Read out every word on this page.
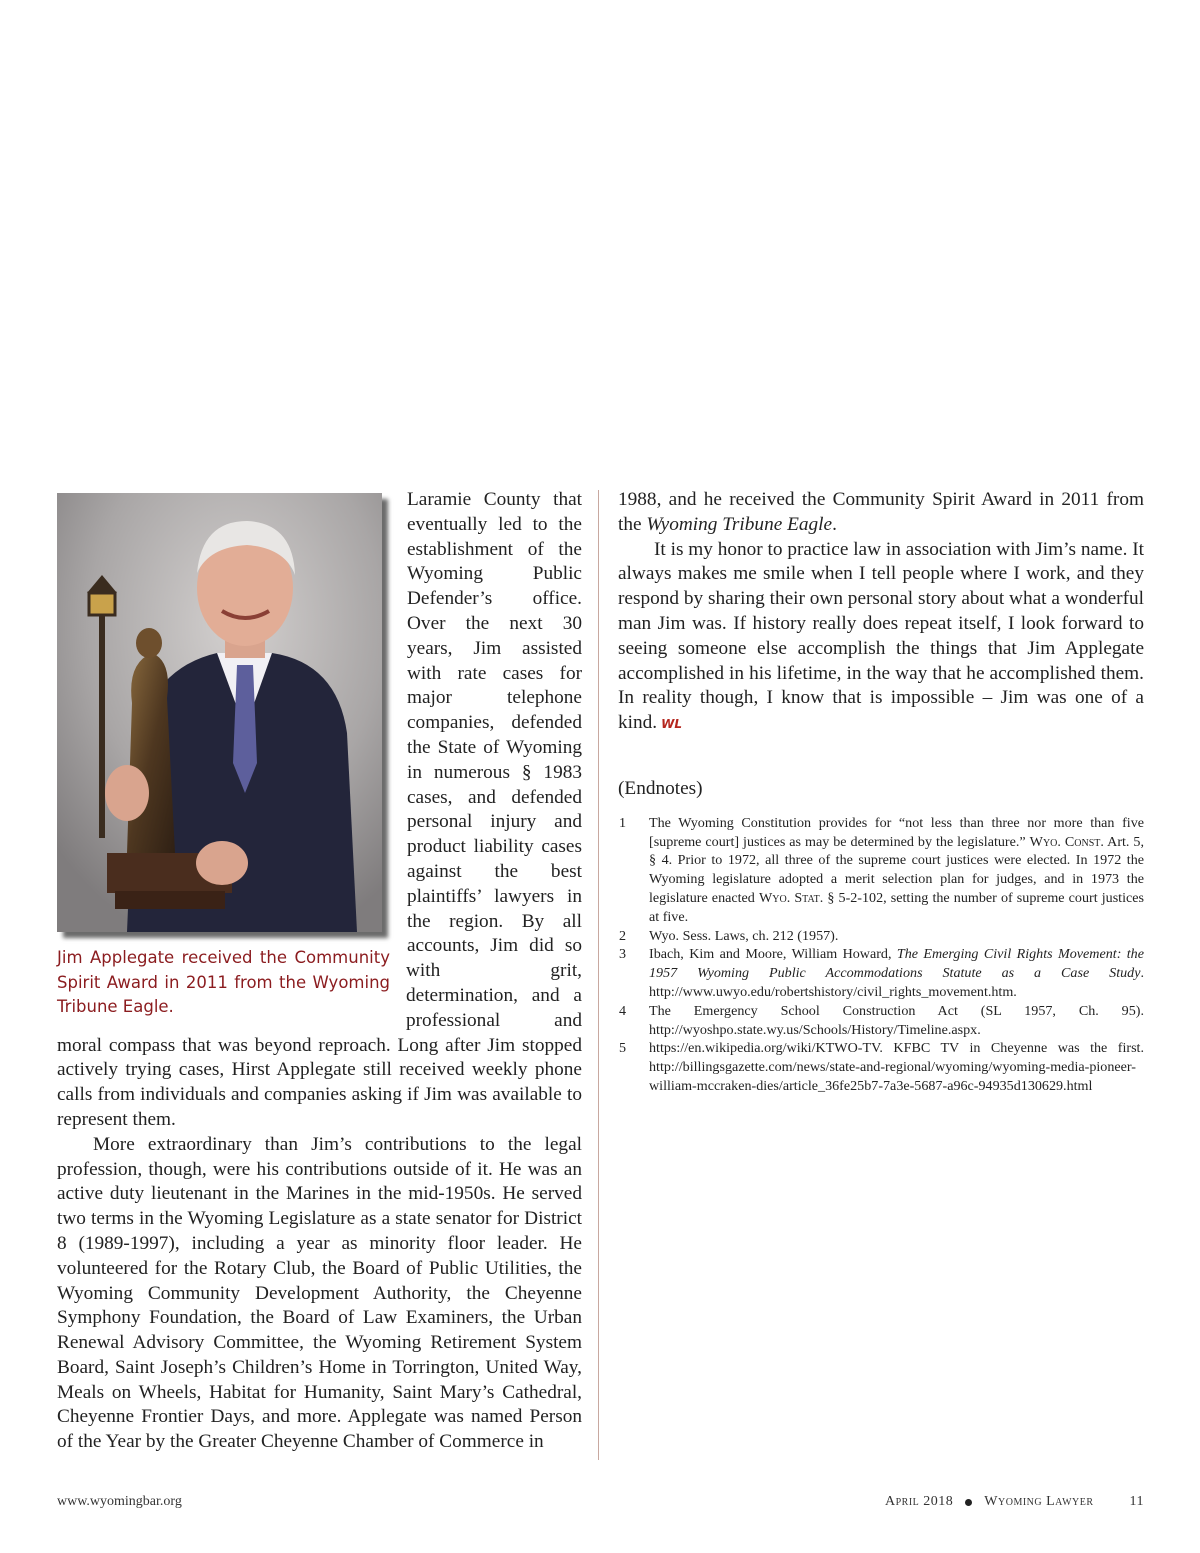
Jim Applegate received the Community Spirit Award in 2011 from the Wyoming Tribune Eagle.

Laramie County that eventually led to the establishment of the Wyoming Public Defender’s office. Over the next 30 years, Jim assisted with rate cases for major telephone companies, defended the State of Wyoming in numerous § 1983 cases, and defended personal injury and product liability cases against the best plaintiffs’ lawyers in the region. By all accounts, Jim did so with grit, determination, and a professional and moral compass that was beyond reproach. Long after Jim stopped actively trying cases, Hirst Applegate still received weekly phone calls from individuals and companies asking if Jim was available to represent them.

More extraordinary than Jim’s contributions to the legal profession, though, were his contributions outside of it. He was an active duty lieutenant in the Marines in the mid-1950s. He served two terms in the Wyoming Legislature as a state senator for District 8 (1989-1997), including a year as minority floor leader. He volunteered for the Rotary Club, the Board of Public Utilities, the Wyoming Community Development Authority, the Cheyenne Symphony Foundation, the Board of Law Examiners, the Urban Renewal Advisory Committee, the Wyoming Retirement System Board, Saint Joseph’s Children’s Home in Torrington, United Way, Meals on Wheels, Habitat for Humanity, Saint Mary’s Cathedral, Cheyenne Frontier Days, and more. Applegate was named Person of the Year by the Greater Cheyenne Chamber of Commerce in

1988, and he received the Community Spirit Award in 2011 from the Wyoming Tribune Eagle.

It is my honor to practice law in association with Jim’s name. It always makes me smile when I tell people where I work, and they respond by sharing their own personal story about what a wonderful man Jim was. If history really does repeat itself, I look forward to seeing someone else accomplish the things that Jim Applegate accomplished in his lifetime, in the way that he accomplished them. In reality though, I know that is impossible – Jim was one of a kind. WL

(Endnotes)

1 The Wyoming Constitution provides for “not less than three nor more than five [supreme court] justices as may be determined by the legislature.” Wyo. Const. Art. 5, § 4. Prior to 1972, all three of the supreme court justices were elected. In 1972 the Wyoming legislature adopted a merit selection plan for judges, and in 1973 the legislature enacted Wyo. Stat. § 5-2-102, setting the number of supreme court justices at five.
2 Wyo. Sess. Laws, ch. 212 (1957).
3 Ibach, Kim and Moore, William Howard, The Emerging Civil Rights Movement: the 1957 Wyoming Public Accommodations Statute as a Case Study. http://www.uwyo.edu/robertshistory/civil_rights_movement.htm.
4 The Emergency School Construction Act (SL 1957, Ch. 95). http://wyoshpo.state.wy.us/Schools/History/Timeline.aspx.
5 https://en.wikipedia.org/wiki/KTWO-TV. KFBC TV in Cheyenne was the first. http://billingsgazette.com/news/state-and-regional/wyoming/wyoming-media-pioneer-william-mccraken-dies/article_36fe25b7-7a3e-5687-a96c-94935d130629.html
www.wyomingbar.org	April 2018 Wyoming Lawyer	11
